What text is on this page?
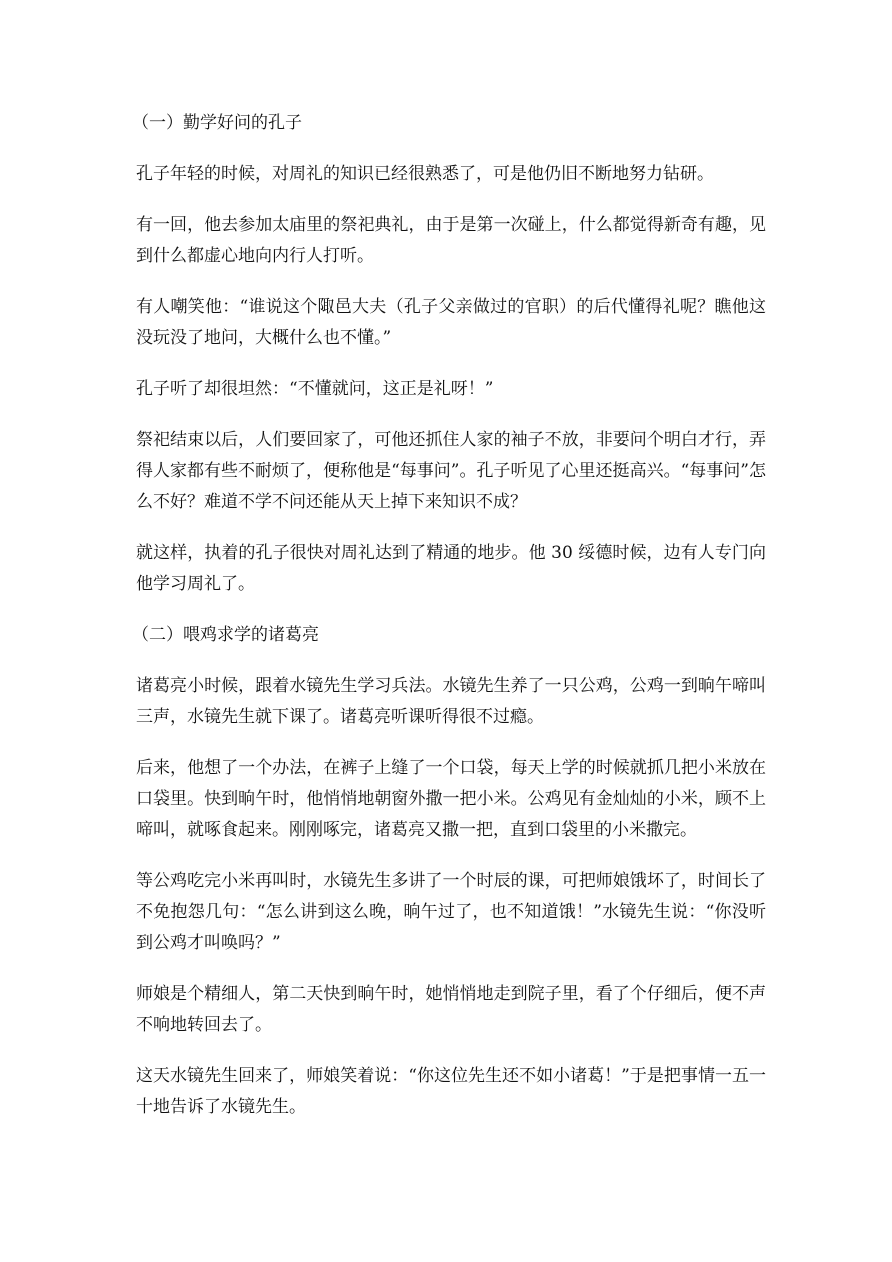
（一）勤学好问的孔子

孔子年轻的时候，对周礼的知识已经很熟悉了，可是他仍旧不断地努力钻研。

有一回，他去参加太庙里的祭祀典礼，由于是第一次碰上，什么都觉得新奇有趣，见到什么都虚心地向内行人打听。

有人嘲笑他：“谁说这个陬邑大夫（孔子父亲做过的官职）的后代懂得礼呢？瞧他这没玩没了地问，大概什么也不懂。”

孔子听了却很坦然：“不懂就问，这正是礼呀！”

祭祀结束以后，人们要回家了，可他还抓住人家的袖子不放，非要问个明白才行，弄得人家都有些不耐烦了，便称他是“每事问”。孔子听见了心里还挺高兴。“每事问”怎么不好？难道不学不问还能从天上掉下来知识不成？

就这样，执着的孔子很快对周礼达到了精通的地步。他 30 绥德时候，边有人专门向他学习周礼了。

（二）喂鸡求学的诸葛亮

诸葛亮小时候，跟着水镜先生学习兵法。水镜先生养了一只公鸡，公鸡一到晌午啼叫三声，水镜先生就下课了。诸葛亮听课听得很不过瘾。

后来，他想了一个办法，在裤子上缝了一个口袋，每天上学的时候就抓几把小米放在口袋里。快到晌午时，他悄悄地朝窗外撒一把小米。公鸡见有金灿灿的小米，顾不上啼叫，就啄食起来。刚刚啄完，诸葛亮又撒一把，直到口袋里的小米撒完。

等公鸡吃完小米再叫时，水镜先生多讲了一个时辰的课，可把师娘饿坏了，时间长了不免抱怨几句：“怎么讲到这么晚，晌午过了，也不知道饿！”水镜先生说：“你没听到公鸡才叫唤吗？”

师娘是个精细人，第二天快到晌午时，她悄悄地走到院子里，看了个仔细后，便不声不响地转回去了。

这天水镜先生回来了，师娘笑着说：“你这位先生还不如小诸葛！”于是把事情一五一十地告诉了水镜先生。
